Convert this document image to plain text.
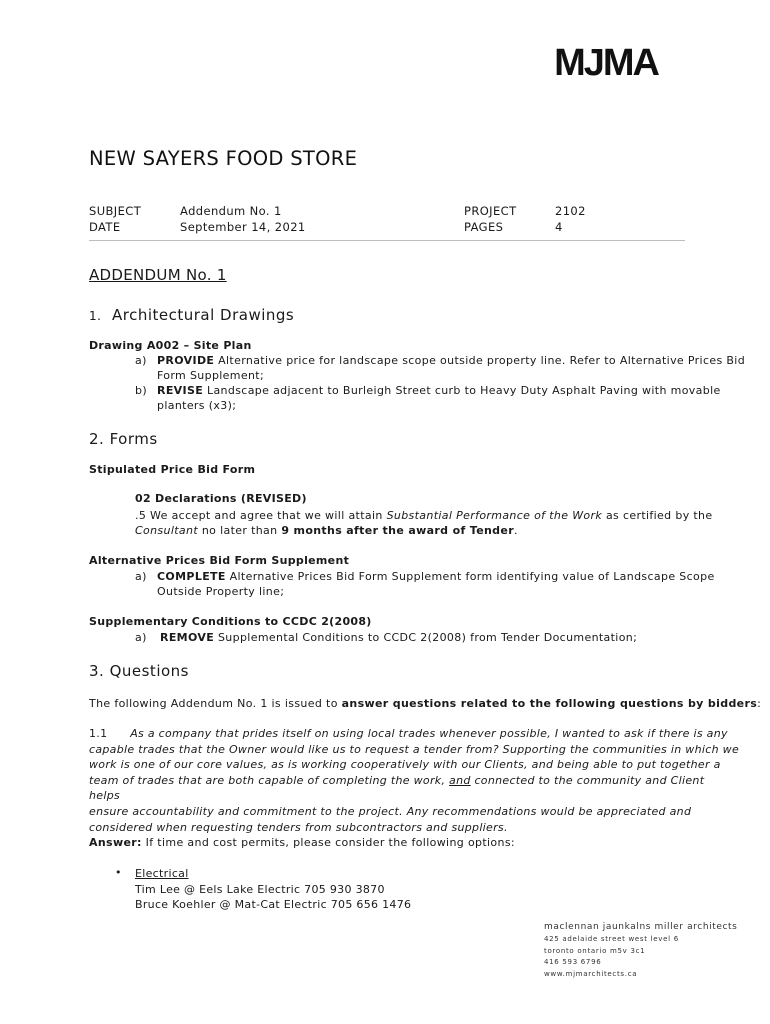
MJMA
NEW SAYERS FOOD STORE
SUBJECT
DATE
Addendum No. 1
September 14, 2021
PROJECT
PAGES
2102
4
ADDENDUM No. 1
1. Architectural Drawings
Drawing A002 – Site Plan
a) PROVIDE Alternative price for landscape scope outside property line. Refer to Alternative Prices Bid
Form Supplement;
b) REVISE Landscape adjacent to Burleigh Street curb to Heavy Duty Asphalt Paving with movable
planters (x3);
2. Forms
Stipulated Price Bid Form
02 Declarations (REVISED)
.5 We accept and agree that we will attain Substantial Performance of the Work as certified by the
Consultant no later than 9 months after the award of Tender.
Alternative Prices Bid Form Supplement
a) COMPLETE Alternative Prices Bid Form Supplement form identifying value of Landscape Scope
Outside Property line;
Supplementary Conditions to CCDC 2(2008)
a) REMOVE Supplemental Conditions to CCDC 2(2008) from Tender Documentation;
3. Questions
The following Addendum No. 1 is issued to answer questions related to the following questions by bidders:
1.1 As a company that prides itself on using local trades whenever possible, I wanted to ask if there is any
capable trades that the Owner would like us to request a tender from? Supporting the communities in which we
work is one of our core values, as is working cooperatively with our Clients, and being able to put together a
team of trades that are both capable of completing the work, and connected to the community and Client helps
ensure accountability and commitment to the project. Any recommendations would be appreciated and
considered when requesting tenders from subcontractors and suppliers.
Answer: If time and cost permits, please consider the following options:
• Electrical
Tim Lee @ Eels Lake Electric 705 930 3870
Bruce Koehler @ Mat-Cat Electric 705 656 1476
maclennan jaunkalns miller architects
425 adelaide street west level 6
toronto ontario m5v 3c1
416 593 6796
www.mjmarchitects.ca
